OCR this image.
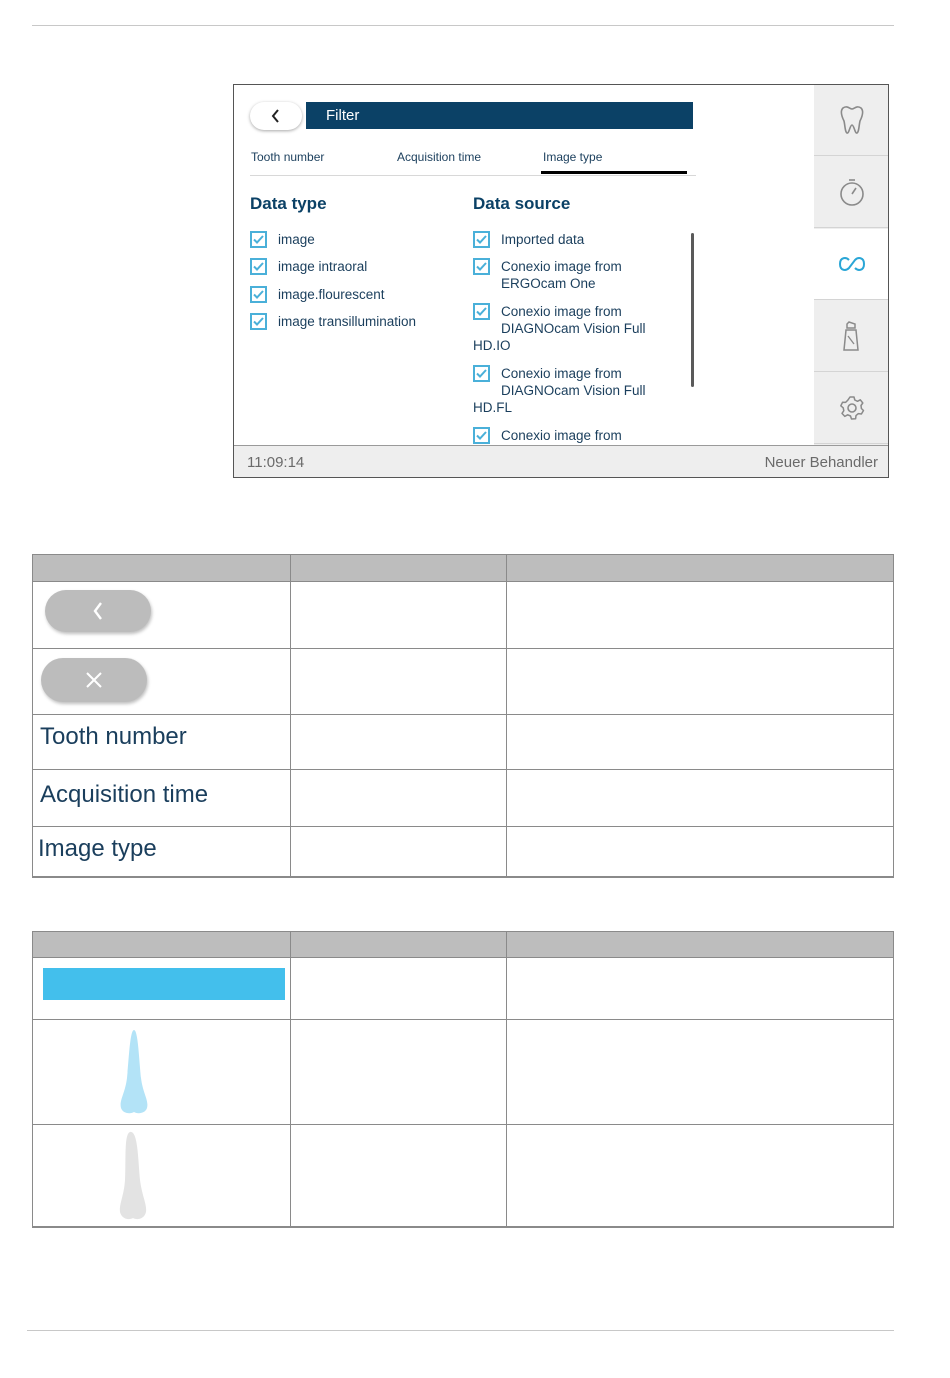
Filter
Tooth number	Acquisition time	Image type
Data type
image
image intraoral
image.flourescent
image transillumination
Data source
Imported data
Conexio image from
ERGOcam One
Conexio image from
DIAGNOcam Vision Full
HD.IO
Conexio image from
DIAGNOcam Vision Full
HD.FL
Conexio image from
11:09:14	Neuer Behandler
Tooth number
Acquisition time
Image type
